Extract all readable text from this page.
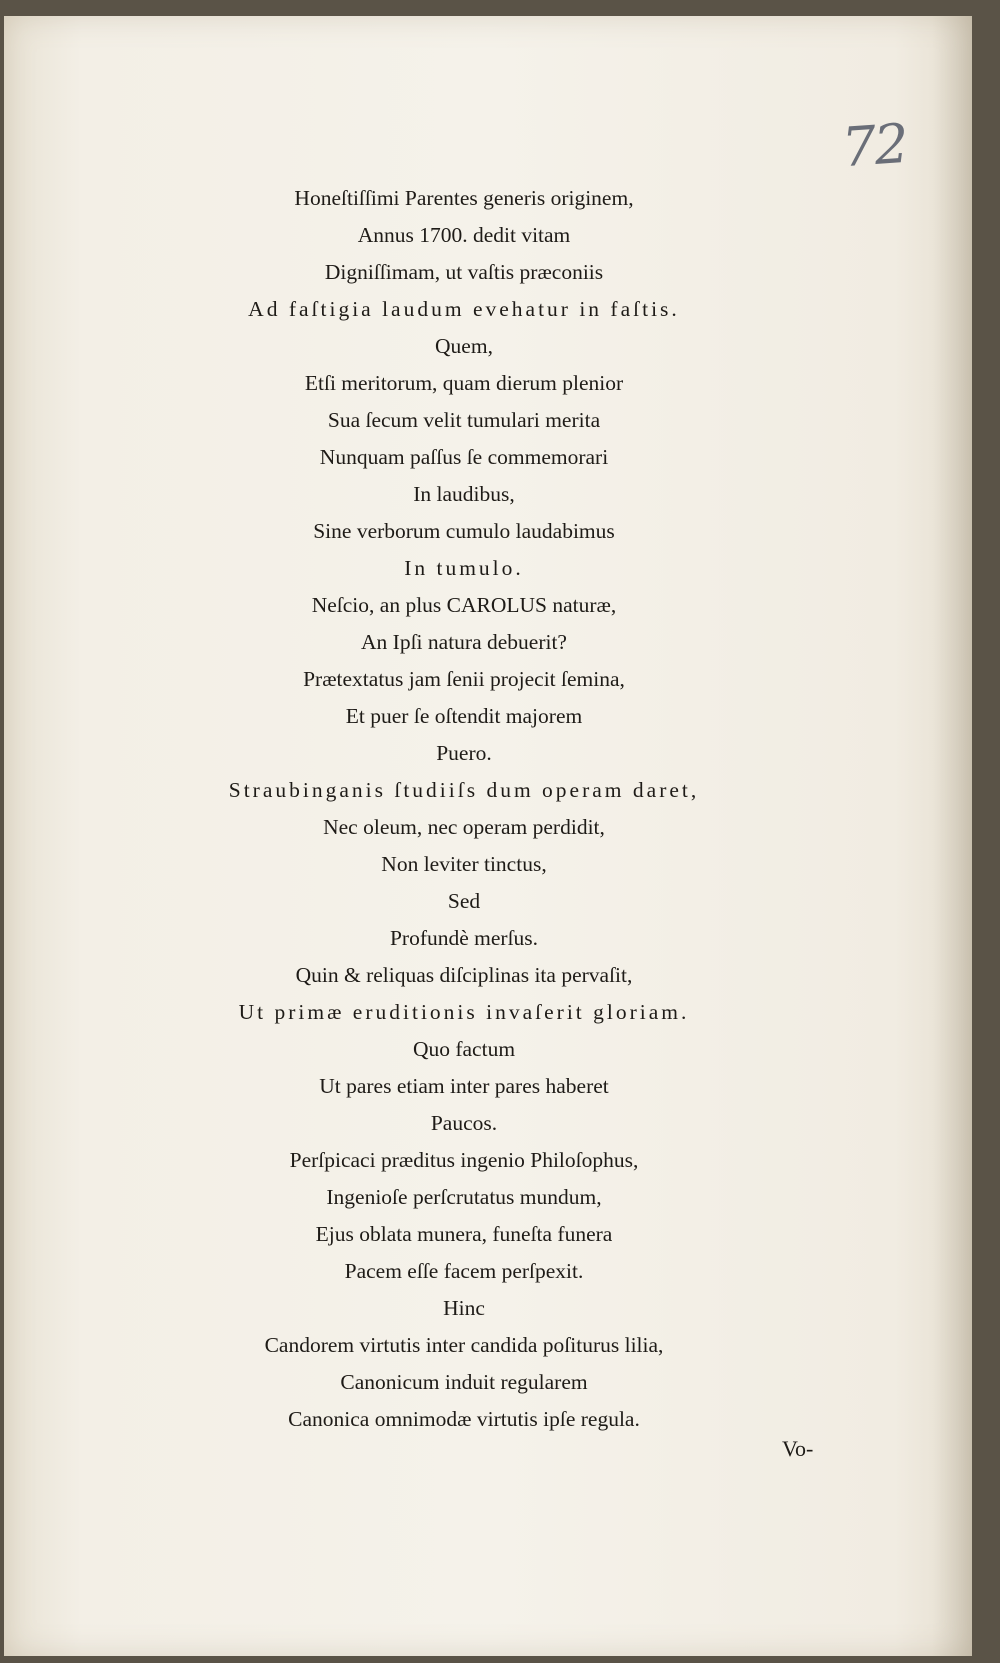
72
Honeſtiſſimi Parentes generis originem,
Annus 1700. dedit vitam
Digniſſimam, ut vaſtis præconiis
Ad faſtigia laudum evehatur in faſtis.
Quem,
Etſi meritorum, quam dierum plenior
Sua ſecum velit tumulari merita
Nunquam paſſus ſe commemorari
In laudibus,
Sine verborum cumulo laudabimus
In tumulo.
Neſcio, an plus CAROLUS naturæ,
An Ipſi natura debuerit?
Prætextatus jam ſenii projecit ſemina,
Et puer ſe oſtendit majorem
Puero.
Straubinganis ſtudiiſs dum operam daret,
Nec oleum, nec operam perdidit,
Non leviter tinctus,
Sed
Profundè merſus.
Quin & reliquas diſciplinas ita pervaſit,
Ut primæ eruditionis invaſerit gloriam.
Quo factum
Ut pares etiam inter pares haberet
Paucos.
Perſpicaci præditus ingenio Philoſophus,
Ingenioſe perſcrutatus mundum,
Ejus oblata munera, funeſta funera
Pacem eſſe facem perſpexit.
Hinc
Candorem virtutis inter candida poſiturus lilia,
Canonicum induit regularem
Canonica omnimodæ virtutis ipſe regula.
Vo-
